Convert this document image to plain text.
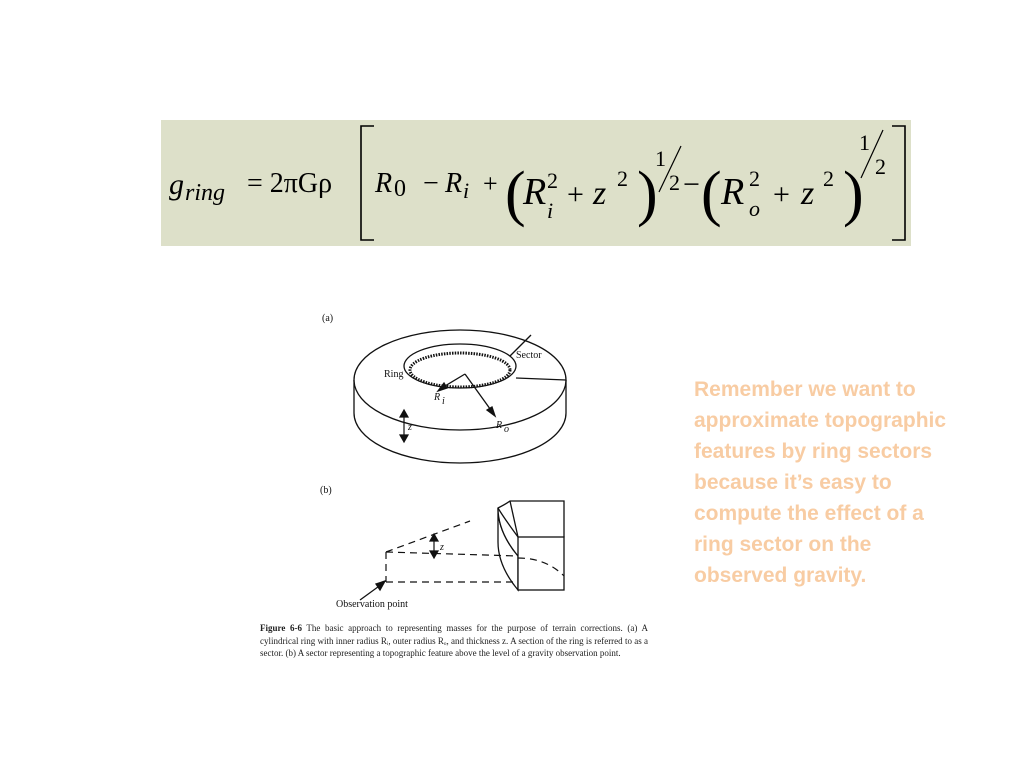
g ring = 2πGρ R 0 − R i + (
R 2
i + z 2 )
1
2 − ( R 2
o + z 2 )
1
2
(a)
Sector
Ring
R i
R o
z
(b)
z
Observation point
Figure 6-6 The basic approach to representing masses for the purpose of terrain corrections. (a) A cylindrical ring with inner radius Rᵢ, outer radius Rₒ, and thickness z. A section of the ring is referred to as a sector. (b) A sector representing a topographic feature above the level of a gravity observation point.
Remember we want to approximate topographic features by ring sectors because it’s easy to compute the effect of a ring sector on the observed gravity.
